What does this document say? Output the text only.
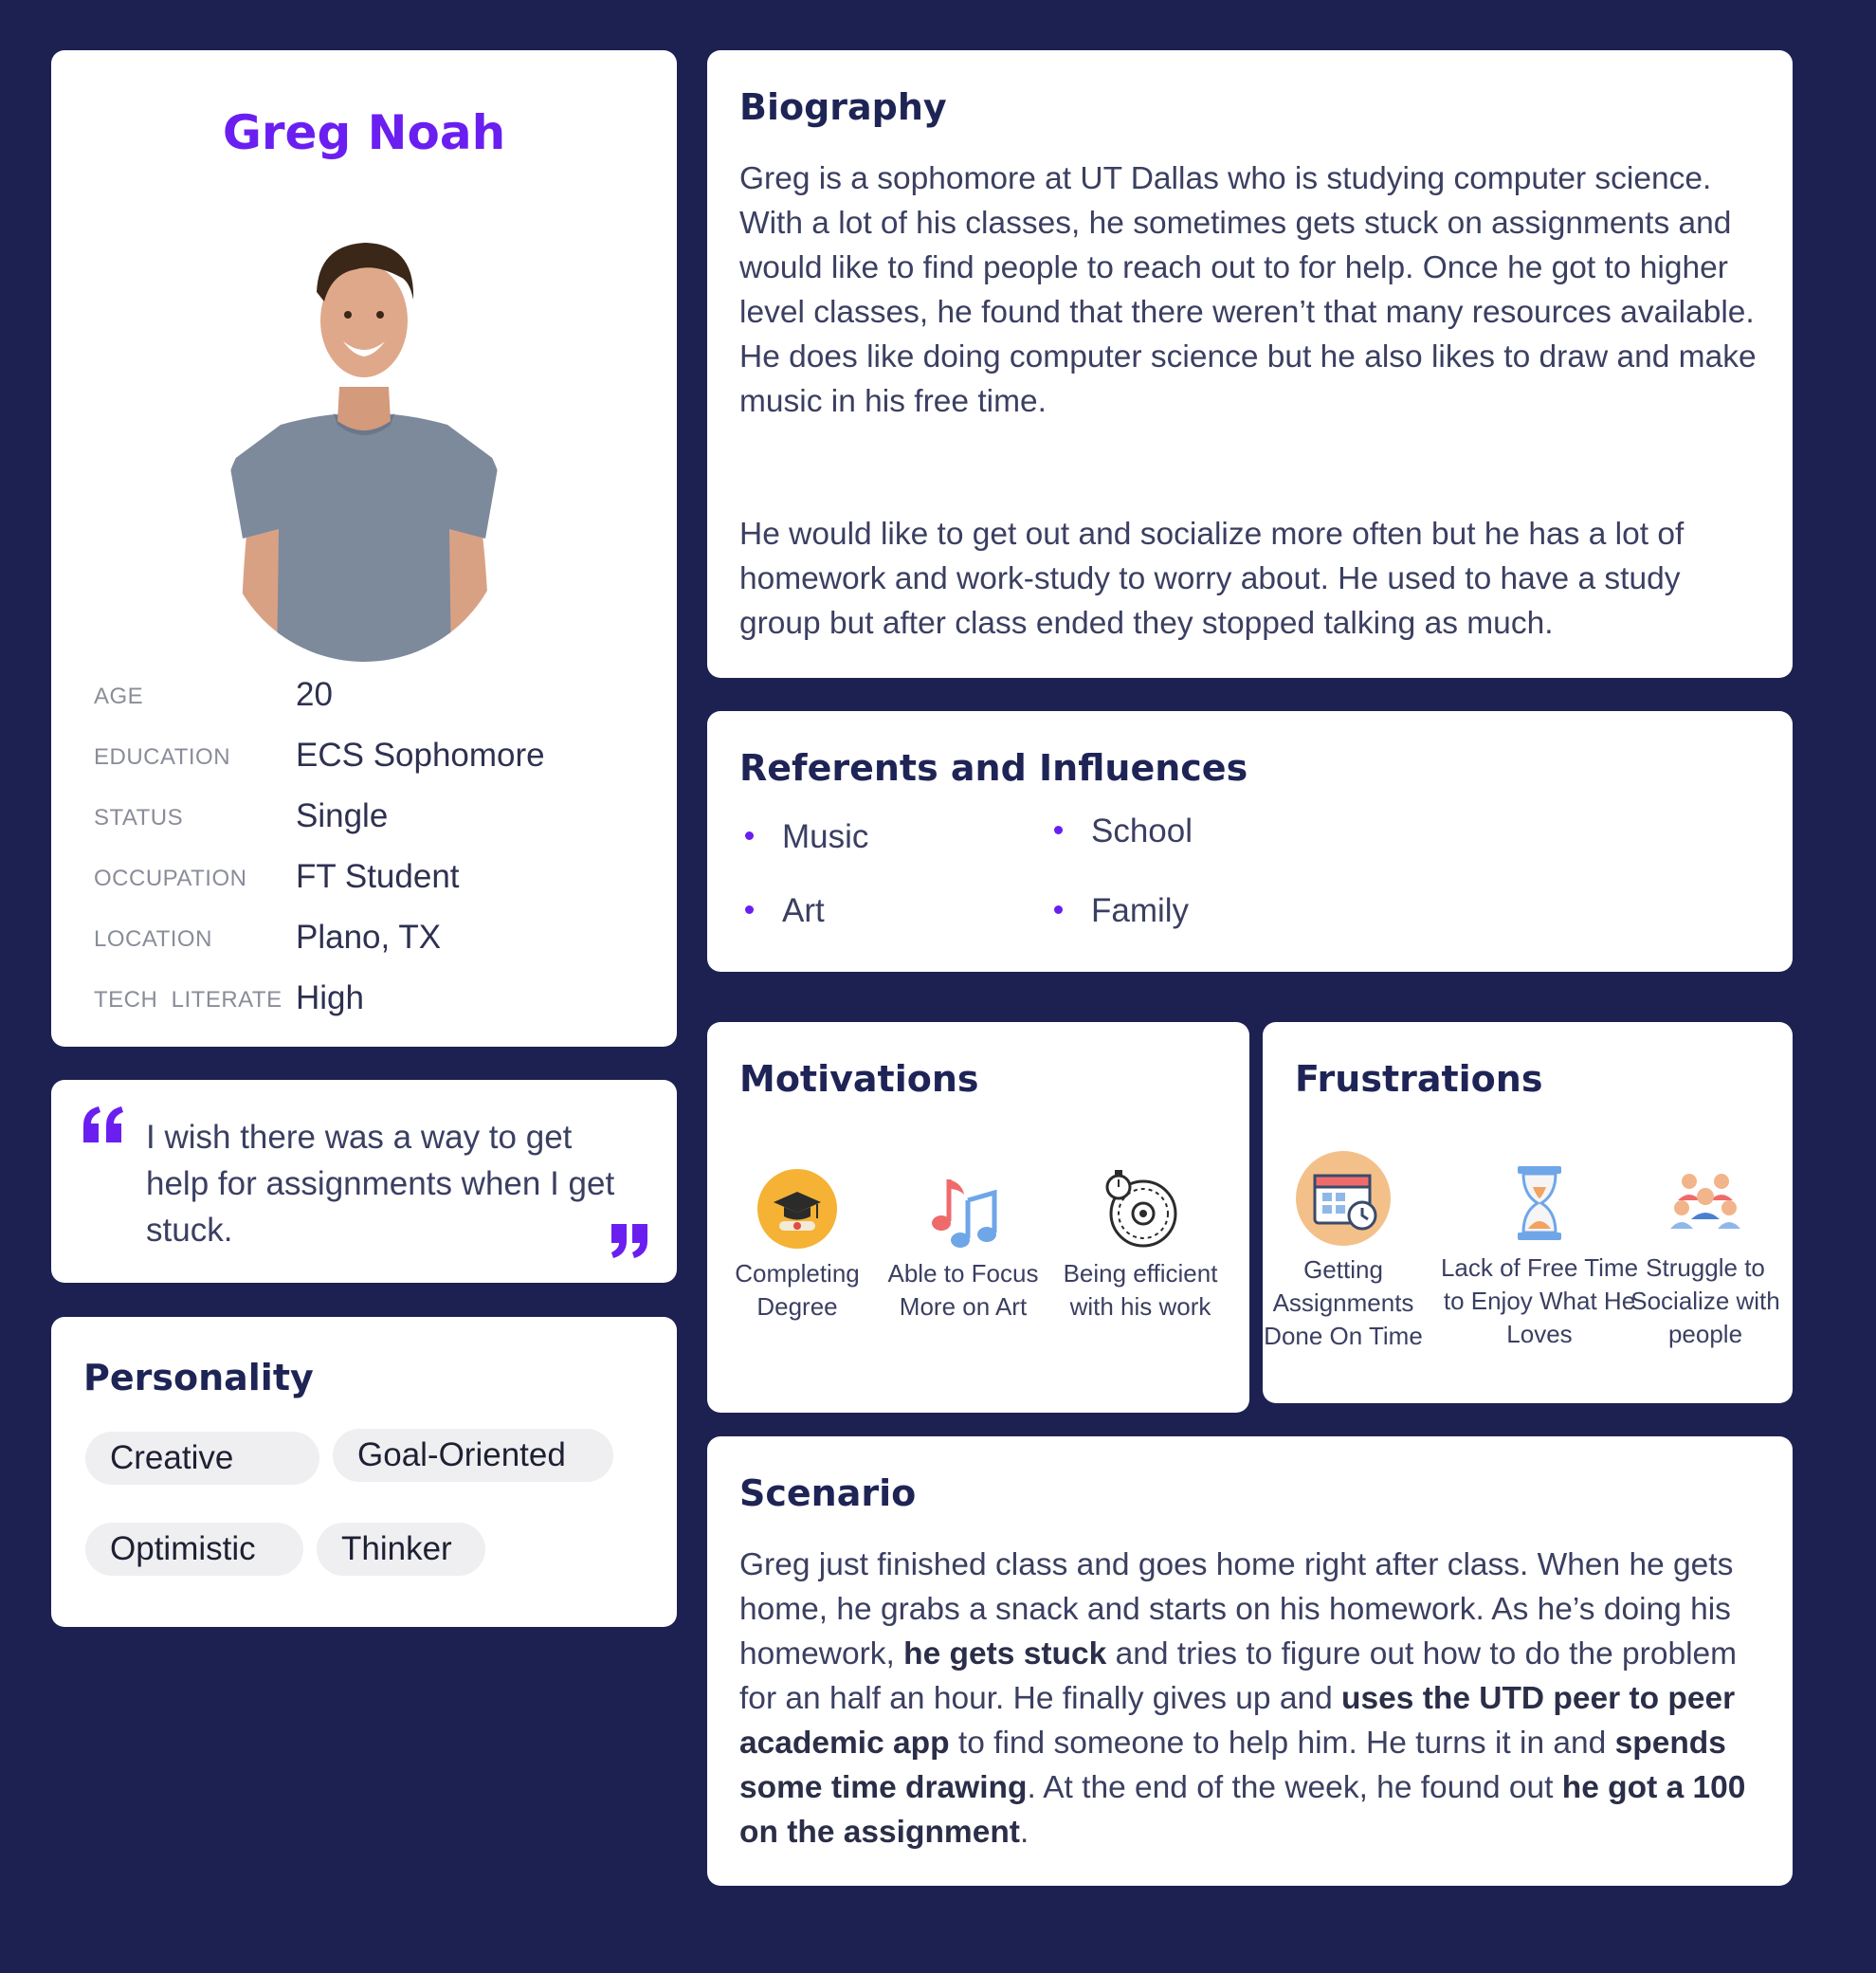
Greg Noah
AGE	20
EDUCATION ECS Sophomore
STATUS	Single
OCCUPATION FT Student
LOCATION	Plano, TX
TECH  LITERATE High
I wish there was a way to get help for assignments when I get stuck.
Personality
Creative	Goal-Oriented
Optimistic	Thinker
Biography

Greg is a sophomore at UT Dallas who is studying computer science. With a lot of his classes, he sometimes gets stuck on assignments and would like to find people to reach out to for help. Once he got to higher level classes, he found that there weren’t that many resources available. He does like doing computer science but he also likes to draw and make music in his free time.

He would like to get out and socialize more often but he has a lot of homework and work-study to worry about. He used to have a study group but after class ended they stopped talking as much.

Referents and Influences
Music	School
Art	Family
Motivations
Completing Degree
Able to Focus More on Art
Being efficient with his work
Frustrations
Getting Assignments Done On Time
Lack of Free Time to Enjoy What He Loves
Struggle to Socialize with people
Scenario

Greg just finished class and goes home right after class. When he gets home, he grabs a snack and starts on his homework. As he’s doing his homework, he gets stuck and tries to figure out how to do the problem for an half an hour. He finally gives up and uses the UTD peer to peer academic app to find someone to help him. He turns it in and spends some time drawing. At the end of the week, he found out he got a 100 on the assignment.
